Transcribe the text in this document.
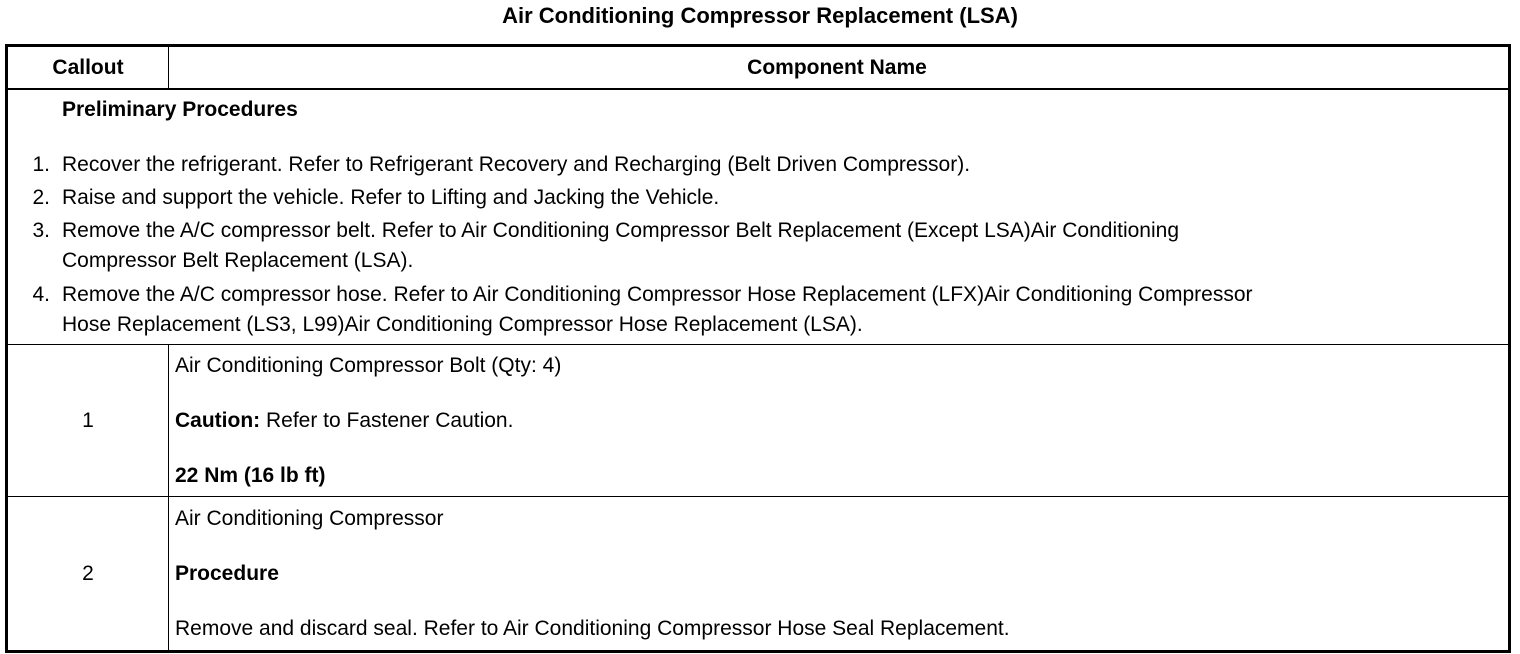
Air Conditioning Compressor Replacement (LSA)
Callout	Component Name
Preliminary Procedures
1. Recover the refrigerant. Refer to Refrigerant Recovery and Recharging (Belt Driven Compressor).
2. Raise and support the vehicle. Refer to Lifting and Jacking the Vehicle.
3. Remove the A/C compressor belt. Refer to Air Conditioning Compressor Belt Replacement (Except LSA)Air Conditioning
Compressor Belt Replacement (LSA).
4. Remove the A/C compressor hose. Refer to Air Conditioning Compressor Hose Replacement (LFX)Air Conditioning Compressor
Hose Replacement (LS3, L99)Air Conditioning Compressor Hose Replacement (LSA).
1
Air Conditioning Compressor Bolt (Qty: 4)
Caution: Refer to Fastener Caution.
22 Nm (16 lb ft)
2
Air Conditioning Compressor
Procedure
Remove and discard seal. Refer to Air Conditioning Compressor Hose Seal Replacement.
